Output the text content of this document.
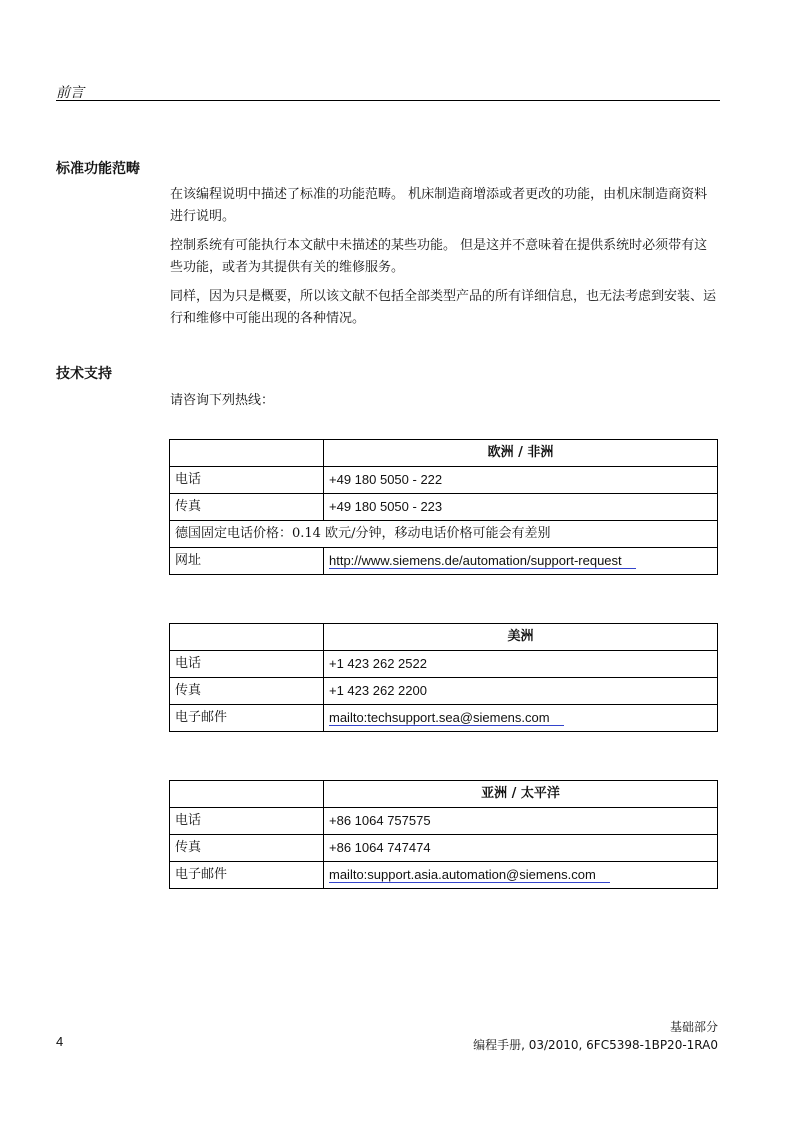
前言
标准功能范畴

在该编程说明中描述了标准的功能范畴。 机床制造商增添或者更改的功能，由机床制造商资料进行说明。

控制系统有可能执行本文献中未描述的某些功能。 但是这并不意味着在提供系统时必须带有这些功能，或者为其提供有关的维修服务。

同样，因为只是概要，所以该文献不包括全部类型产品的所有详细信息，也无法考虑到安装、运行和维修中可能出现的各种情况。

技术支持

请咨询下列热线：

	欧洲 / 非洲
电话	+49 180 5050 - 222
传真	+49 180 5050 - 223
德国固定电话价格：0.14 欧元/分钟，移动电话价格可能会有差别	
网址	http://www.siemens.de/automation/support-request
	美洲
电话	+1 423 262 2522
传真	+1 423 262 2200
电子邮件	mailto:techsupport.sea@siemens.com
	亚洲 / 太平洋
电话	+86 1064 757575
传真	+86 1064 747474
电子邮件	mailto:support.asia.automation@siemens.com
4
基础部分
编程手册, 03/2010, 6FC5398-1BP20-1RA0
